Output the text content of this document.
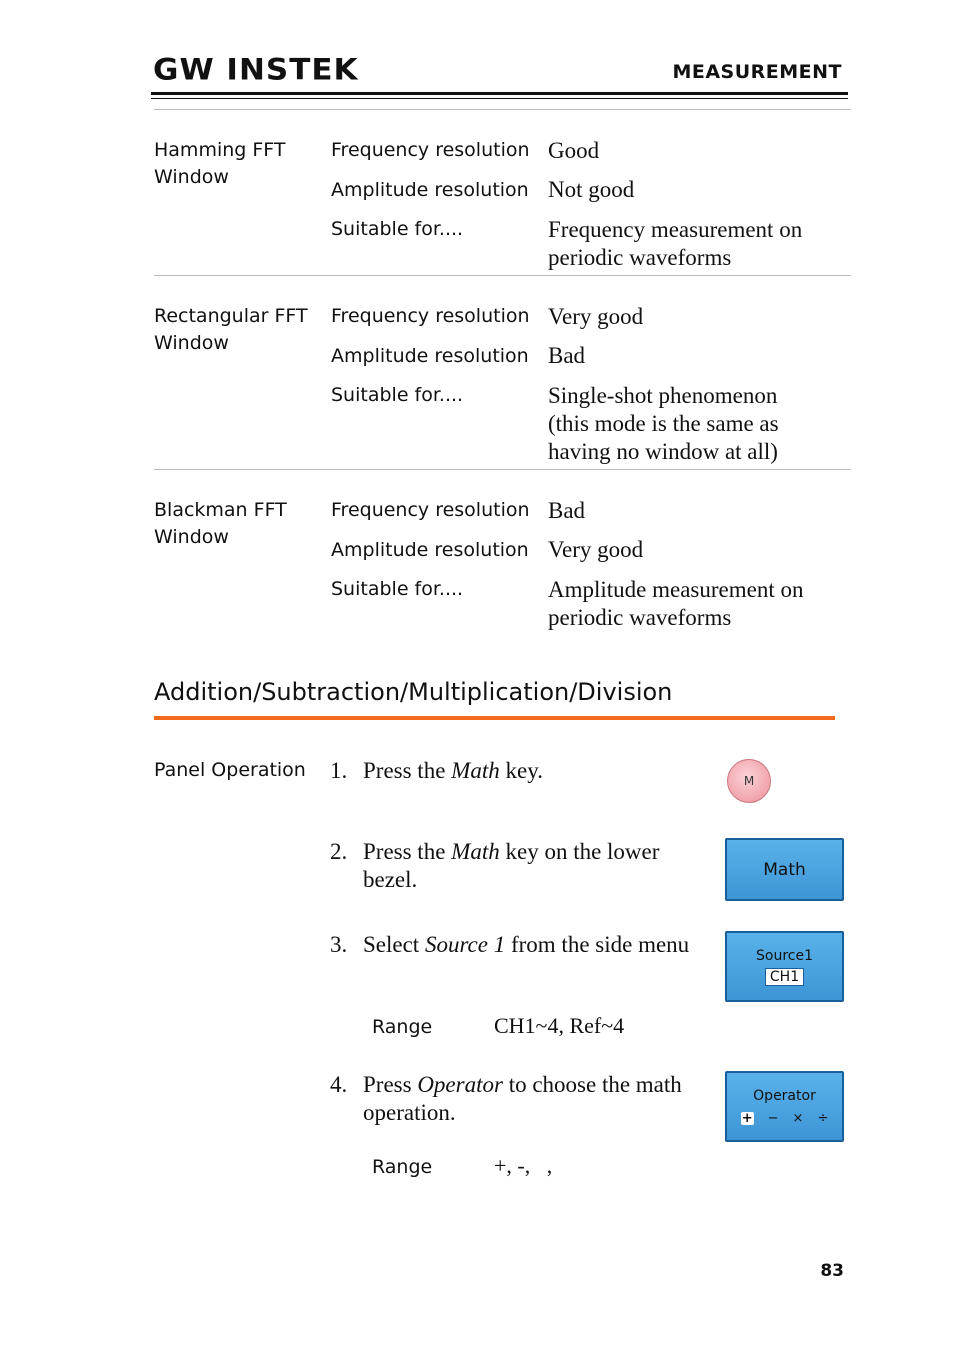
GW INSTEK	MEASUREMENT
Hamming FFT
Window
Frequency resolution Good
Amplitude resolution Not good
Suitable for....	Frequency measurement on
periodic waveforms
Rectangular FFT
Window
Frequency resolution Very good
Amplitude resolution Bad
Suitable for....	Single-shot phenomenon
(this mode is the same as
having no window at all)
Blackman FFT
Window
Frequency resolution Bad
Amplitude resolution Very good
Suitable for....	Amplitude measurement on
periodic waveforms
Addition/Subtraction/Multiplication/Division
Panel Operation 1. Press the Math key.	M
2. Press the Math key on the lower
bezel.	Math
3. Select Source 1 from the side menu	Source1
CH1
Range	CH1~4, Ref~4
4. Press Operator to choose the math
operation.
Operator
+ − × ÷
Range	+, -,   ,
83
